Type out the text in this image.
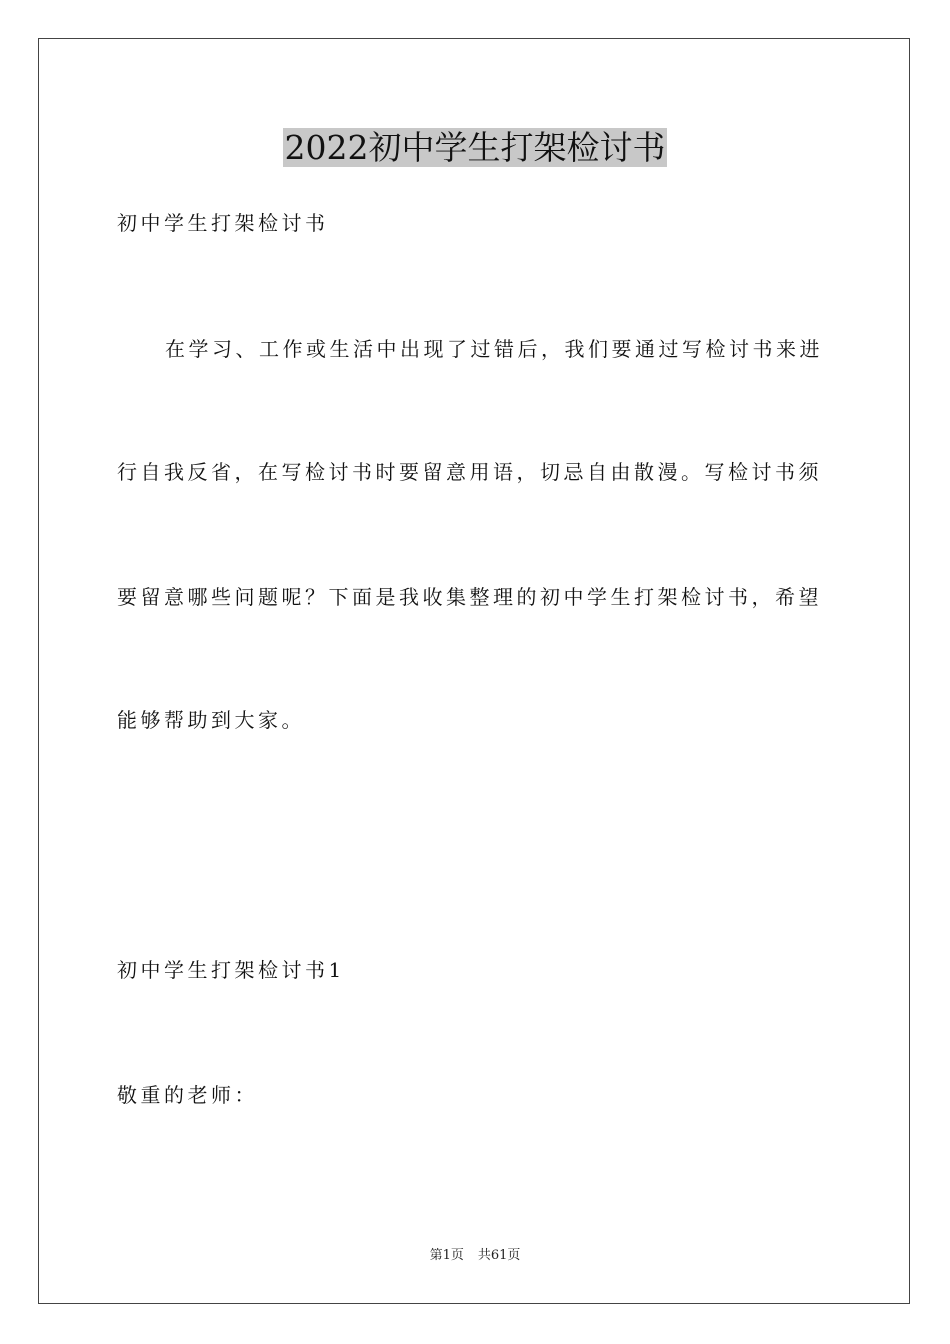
2022初中学生打架检讨书
初中学生打架检讨书
在学习、工作或生活中出现了过错后，我们要通过写检讨书来进
行自我反省，在写检讨书时要留意用语，切忌自由散漫。写检讨书须
要留意哪些问题呢？下面是我收集整理的初中学生打架检讨书，希望
能够帮助到大家。
初中学生打架检讨书1
敬重的老师：
第1页 共61页
